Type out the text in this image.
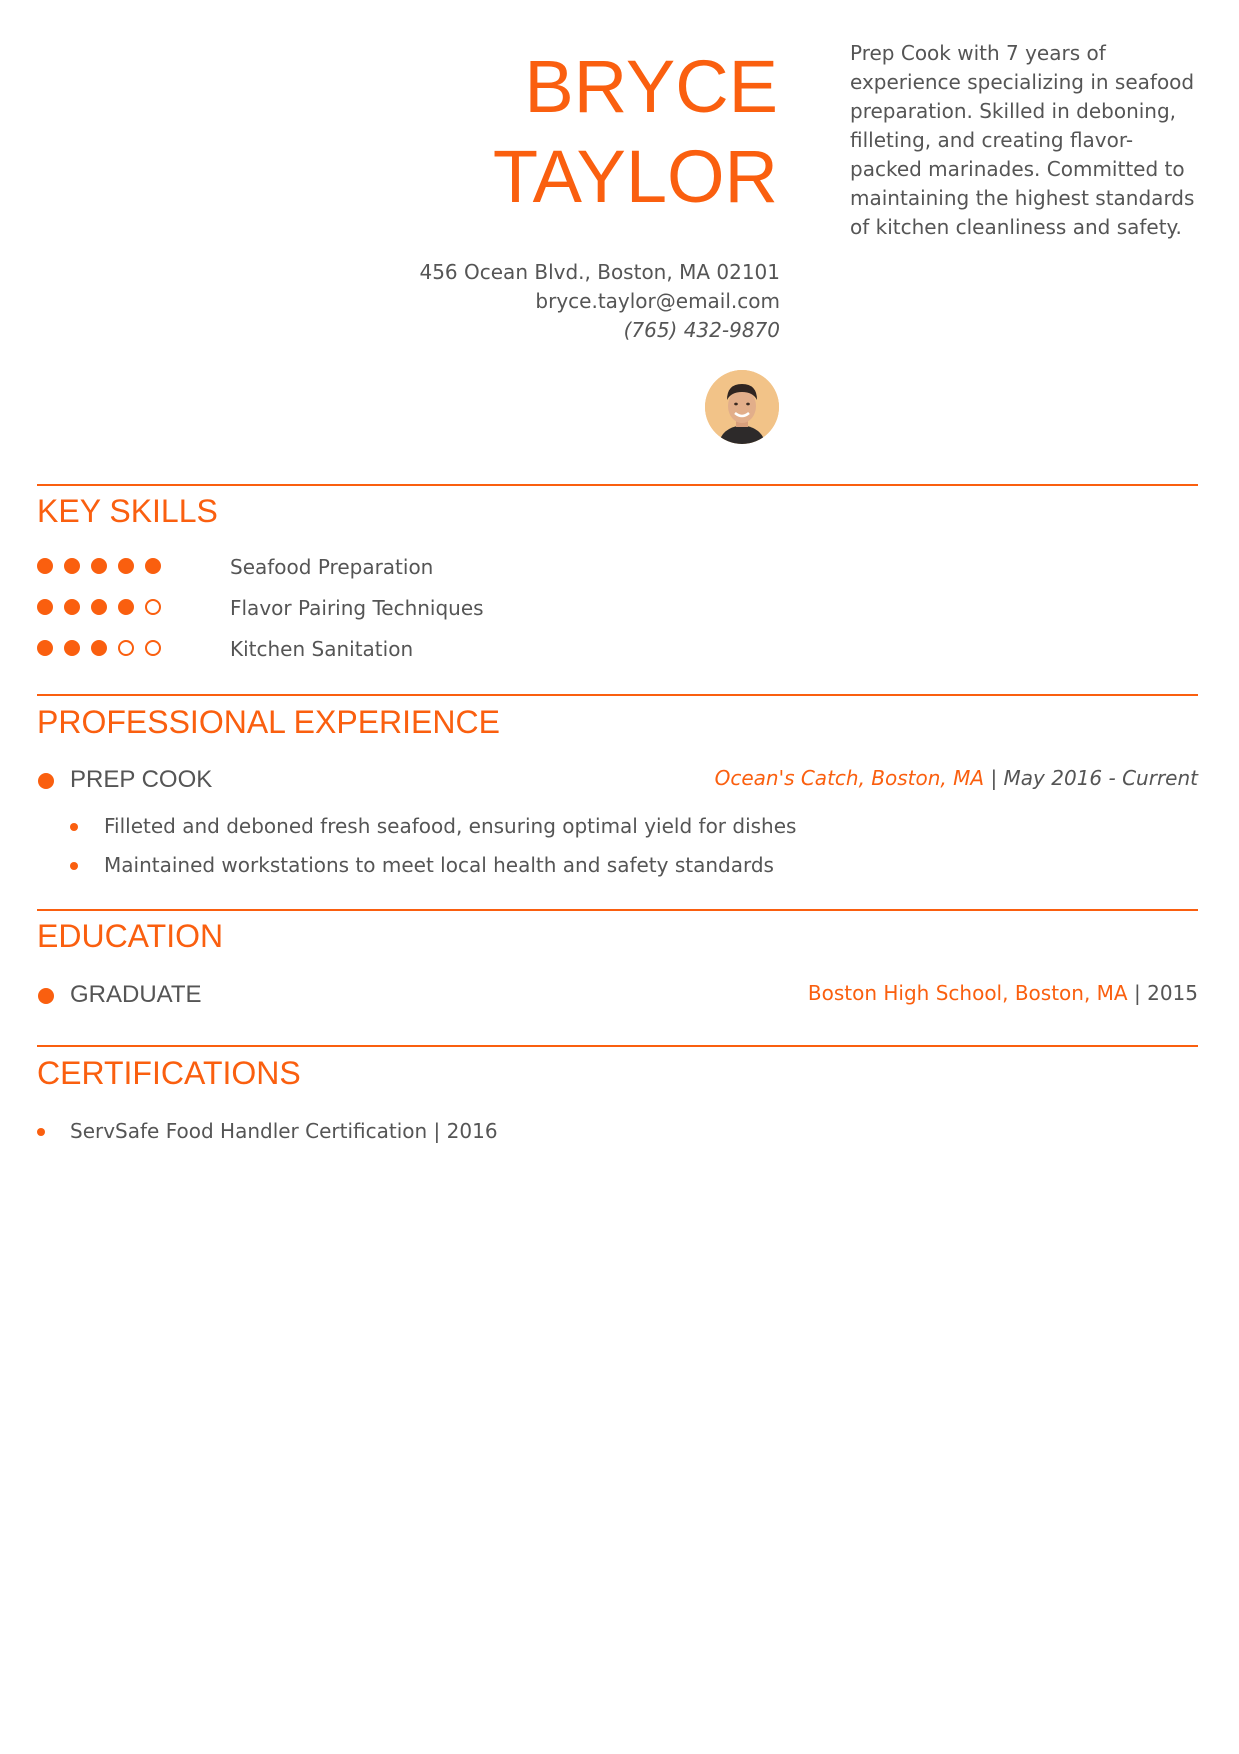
BRYCE
TAYLOR
456 Ocean Blvd., Boston, MA 02101
bryce.taylor@email.com
(765) 432-9870
Prep Cook with 7 years of experience specializing in seafood preparation. Skilled in deboning, filleting, and creating flavor-packed marinades. Committed to maintaining the highest standards of kitchen cleanliness and safety.
KEY SKILLS
Seafood Preparation
Flavor Pairing Techniques
Kitchen Sanitation
PROFESSIONAL EXPERIENCE
PREP COOK	Ocean's Catch, Boston, MA | May 2016 - Current
Filleted and deboned fresh seafood, ensuring optimal yield for dishes
Maintained workstations to meet local health and safety standards
EDUCATION
GRADUATE	Boston High School, Boston, MA | 2015
CERTIFICATIONS
ServSafe Food Handler Certification | 2016
